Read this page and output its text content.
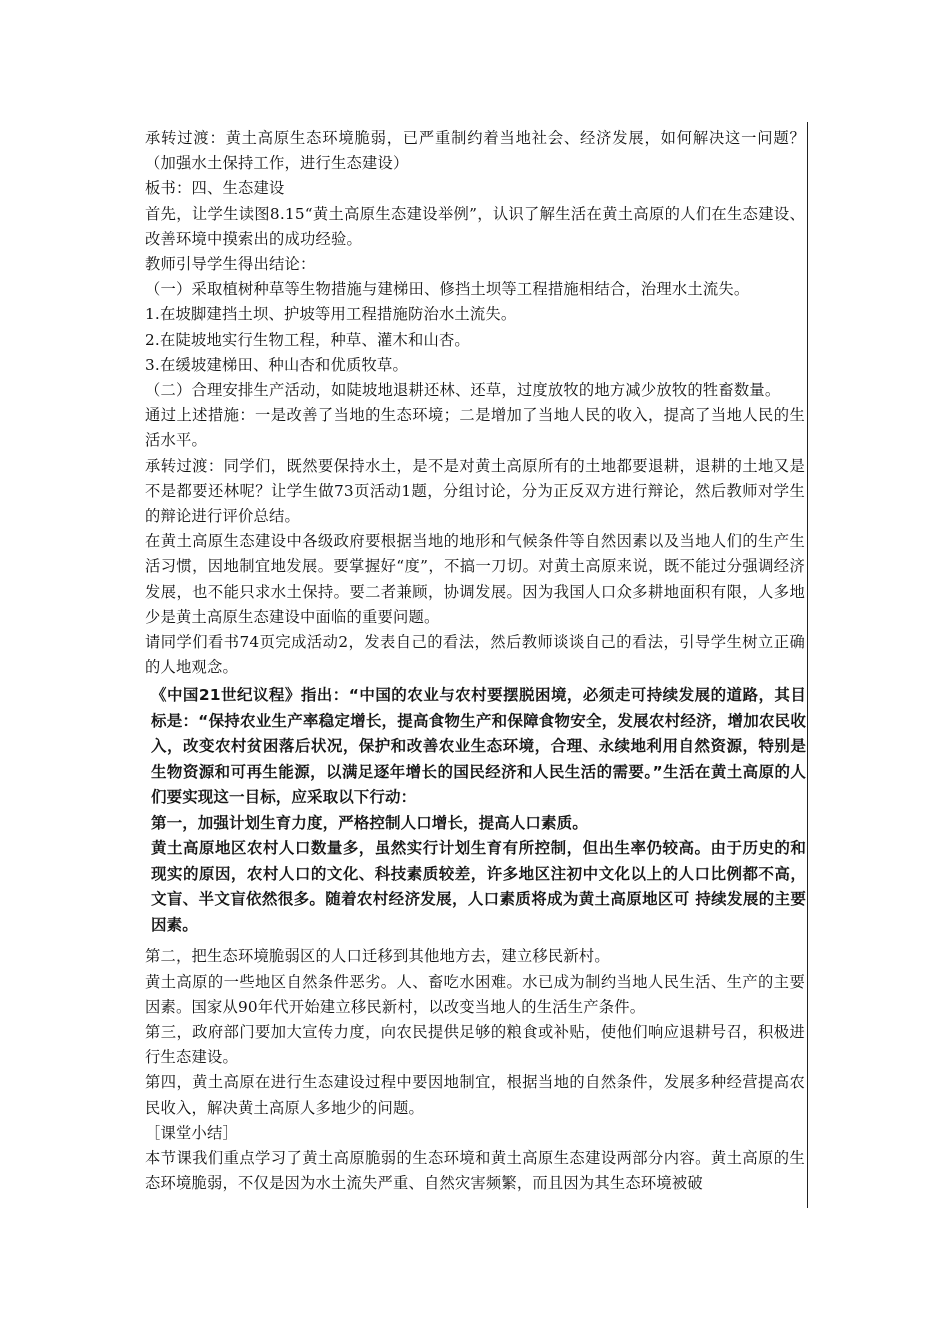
承转过渡：黄土高原生态环境脆弱，已严重制约着当地社会、经济发展，如何解决这一问题？（加强水土保持工作，进行生态建设）

板书：四、生态建设

首先，让学生读图8.15“黄土高原生态建设举例”，认识了解生活在黄土高原的人们在生态建设、改善环境中摸索出的成功经验。

教师引导学生得出结论：

（一）采取植树种草等生物措施与建梯田、修挡土坝等工程措施相结合，治理水土流失。

1.在坡脚建挡土坝、护坡等用工程措施防治水土流失。

2.在陡坡地实行生物工程，种草、灌木和山杏。

3.在缓坡建梯田、种山杏和优质牧草。

（二）合理安排生产活动，如陡坡地退耕还林、还草，过度放牧的地方减少放牧的牲畜数量。

通过上述措施：一是改善了当地的生态环境；二是增加了当地人民的收入，提高了当地人民的生活水平。

承转过渡：同学们，既然要保持水土，是不是对黄土高原所有的土地都要退耕，退耕的土地又是不是都要还林呢？让学生做73页活动1题，分组讨论，分为正反双方进行辩论，然后教师对学生的辩论进行评价总结。

在黄土高原生态建设中各级政府要根据当地的地形和气候条件等自然因素以及当地人们的生产生活习惯，因地制宜地发展。要掌握好“度”，不搞一刀切。对黄土高原来说，既不能过分强调经济发展，也不能只求水土保持。要二者兼顾，协调发展。因为我国人口众多耕地面积有限，人多地少是黄土高原生态建设中面临的重要问题。

请同学们看书74页完成活动2，发表自己的看法，然后教师谈谈自己的看法，引导学生树立正确的人地观念。

《中国21世纪议程》指出：“中国的农业与农村要摆脱困境，必须走可持续发展的道路，其目标是：“保持农业生产率稳定增长，提高食物生产和保障食物安全，发展农村经济，增加农民收入，改变农村贫困落后状况，保护和改善农业生态环境，合理、永续地利用自然资源，特别是生物资源和可再生能源，以满足逐年增长的国民经济和人民生活的需要。”生活在黄土高原的人们要实现这一目标，应采取以下行动：

第一，加强计划生育力度，严格控制人口增长，提高人口素质。

黄土高原地区农村人口数量多，虽然实行计划生育有所控制，但出生率仍较高。由于历史的和现实的原因，农村人口的文化、科技素质较差，许多地区注初中文化以上的人口比例都不高，文盲、半文盲依然很多。随着农村经济发展，人口素质将成为黄土高原地区可 持续发展的主要因素。

第二，把生态环境脆弱区的人口迁移到其他地方去，建立移民新村。

黄土高原的一些地区自然条件恶劣。人、畜吃水困难。水已成为制约当地人民生活、生产的主要因素。国家从90年代开始建立移民新村，以改变当地人的生活生产条件。

第三，政府部门要加大宣传力度，向农民提供足够的粮食或补贴，使他们响应退耕号召，积极进行生态建设。

第四，黄土高原在进行生态建设过程中要因地制宜，根据当地的自然条件，发展多种经营提高农民收入，解决黄土高原人多地少的问题。

［课堂小结］

本节课我们重点学习了黄土高原脆弱的生态环境和黄土高原生态建设两部分内容。黄土高原的生态环境脆弱，不仅是因为水土流失严重、自然灾害频繁，而且因为其生态环境被破
